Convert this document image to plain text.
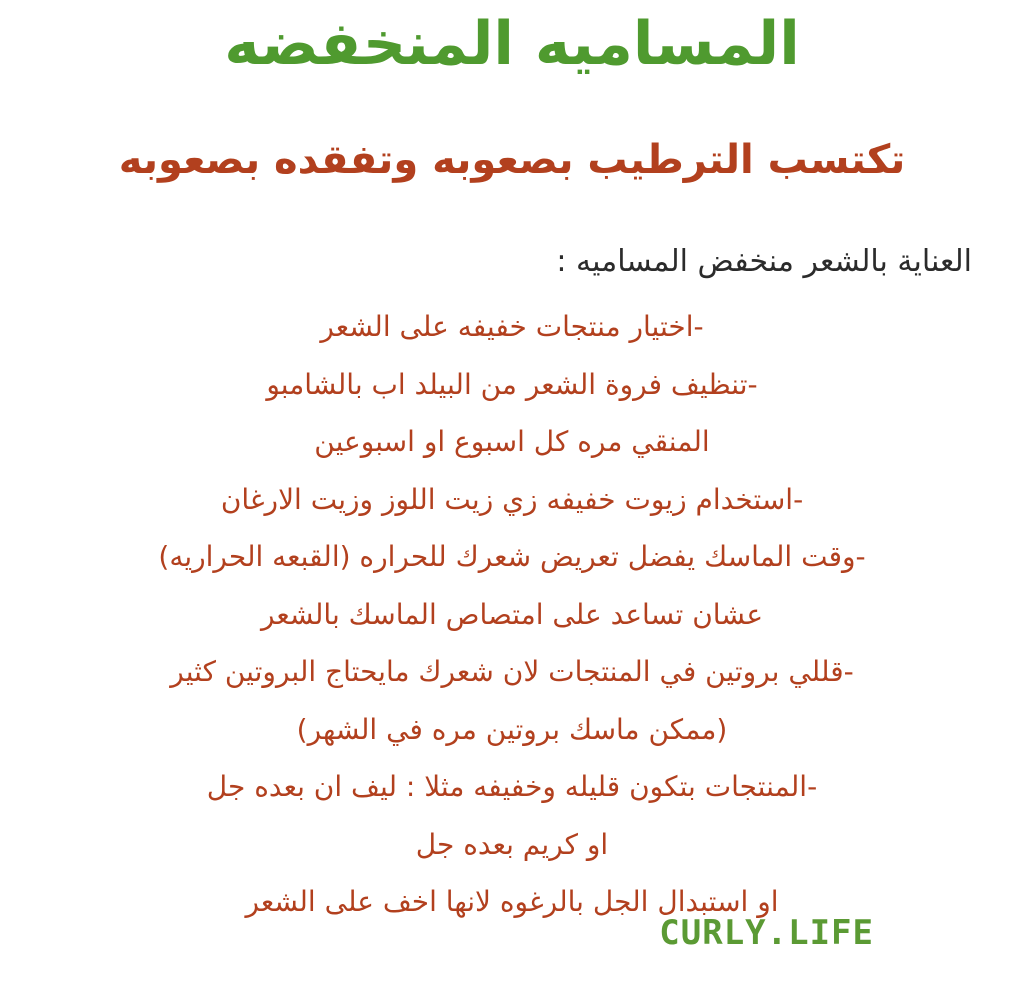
المساميه المنخفضه
تكتسب الترطيب بصعوبه وتفقده بصعوبه
العناية بالشعر منخفض المساميه :
-اختيار منتجات خفيفه على الشعر
-تنظيف فروة الشعر من البيلد اب بالشامبو
المنقي مره كل اسبوع او اسبوعين
-استخدام زيوت خفيفه زي زيت اللوز وزيت الارغان
-وقت الماسك يفضل تعريض شعرك للحراره (القبعه الحراريه)
عشان تساعد على امتصاص الماسك بالشعر
-قللي بروتين في المنتجات لان شعرك مايحتاج البروتين كثير
(ممكن ماسك بروتين مره في الشهر)
-المنتجات بتكون قليله وخفيفه مثلا : ليف ان بعده جل
او كريم بعده جل
او استبدال الجل بالرغوه لانها اخف على الشعر
CURLY.LIFE
